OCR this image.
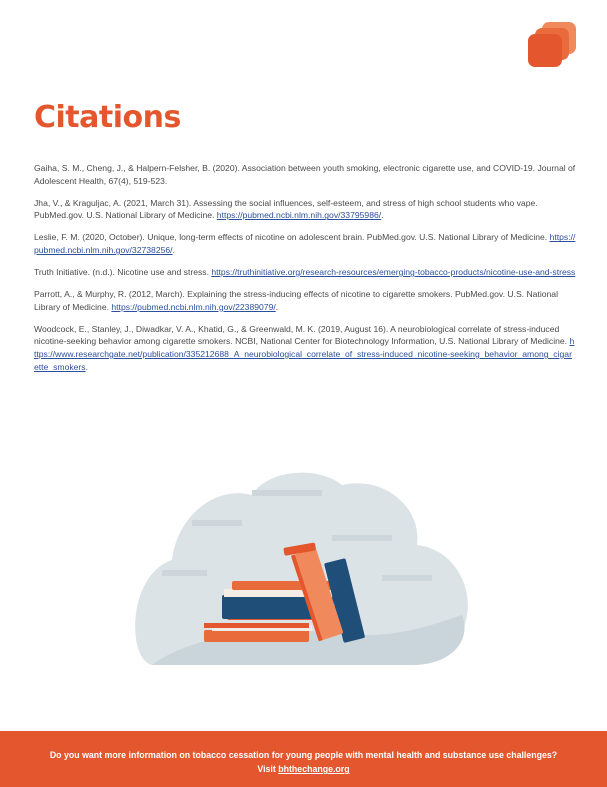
Citations

Gaiha, S. M., Cheng, J., & Halpern-Felsher, B. (2020). Association between youth smoking, electronic cigarette use, and COVID-19. Journal of Adolescent Health, 67(4), 519-523.

Jha, V., & Kraguljac, A. (2021, March 31). Assessing the social influences, self-esteem, and stress of high school students who vape. PubMed.gov. U.S. National Library of Medicine. https://pubmed.ncbi.nlm.nih.gov/33795986/.

Leslie, F. M. (2020, October). Unique, long-term effects of nicotine on adolescent brain. PubMed.gov. U.S. National Library of Medicine. https://pubmed.ncbi.nlm.nih.gov/32738256/.

Truth Initiative. (n.d.). Nicotine use and stress. https://truthinitiative.org/research-resources/emerging-tobacco-products/nicotine-use-and-stress

Parrott, A., & Murphy, R. (2012, March). Explaining the stress-inducing effects of nicotine to cigarette smokers. PubMed.gov. U.S. National Library of Medicine. https://pubmed.ncbi.nlm.nih.gov/22389079/.

Woodcock, E., Stanley, J., Diwadkar, V. A., Khatid, G., & Greenwald, M. K. (2019, August 16). A neurobiological correlate of stress-induced nicotine-seeking behavior among cigarette smokers. NCBI, National Center for Biotechnology Information, U.S. National Library of Medicine. https://www.researchgate.net/publication/335212688_A_neurobiological_correlate_of_stress-induced_nicotine-seeking_behavior_among_cigarette_smokers.

Do you want more information on tobacco cessation for young people with mental health and substance use challenges?
Visit bhthechange.org
